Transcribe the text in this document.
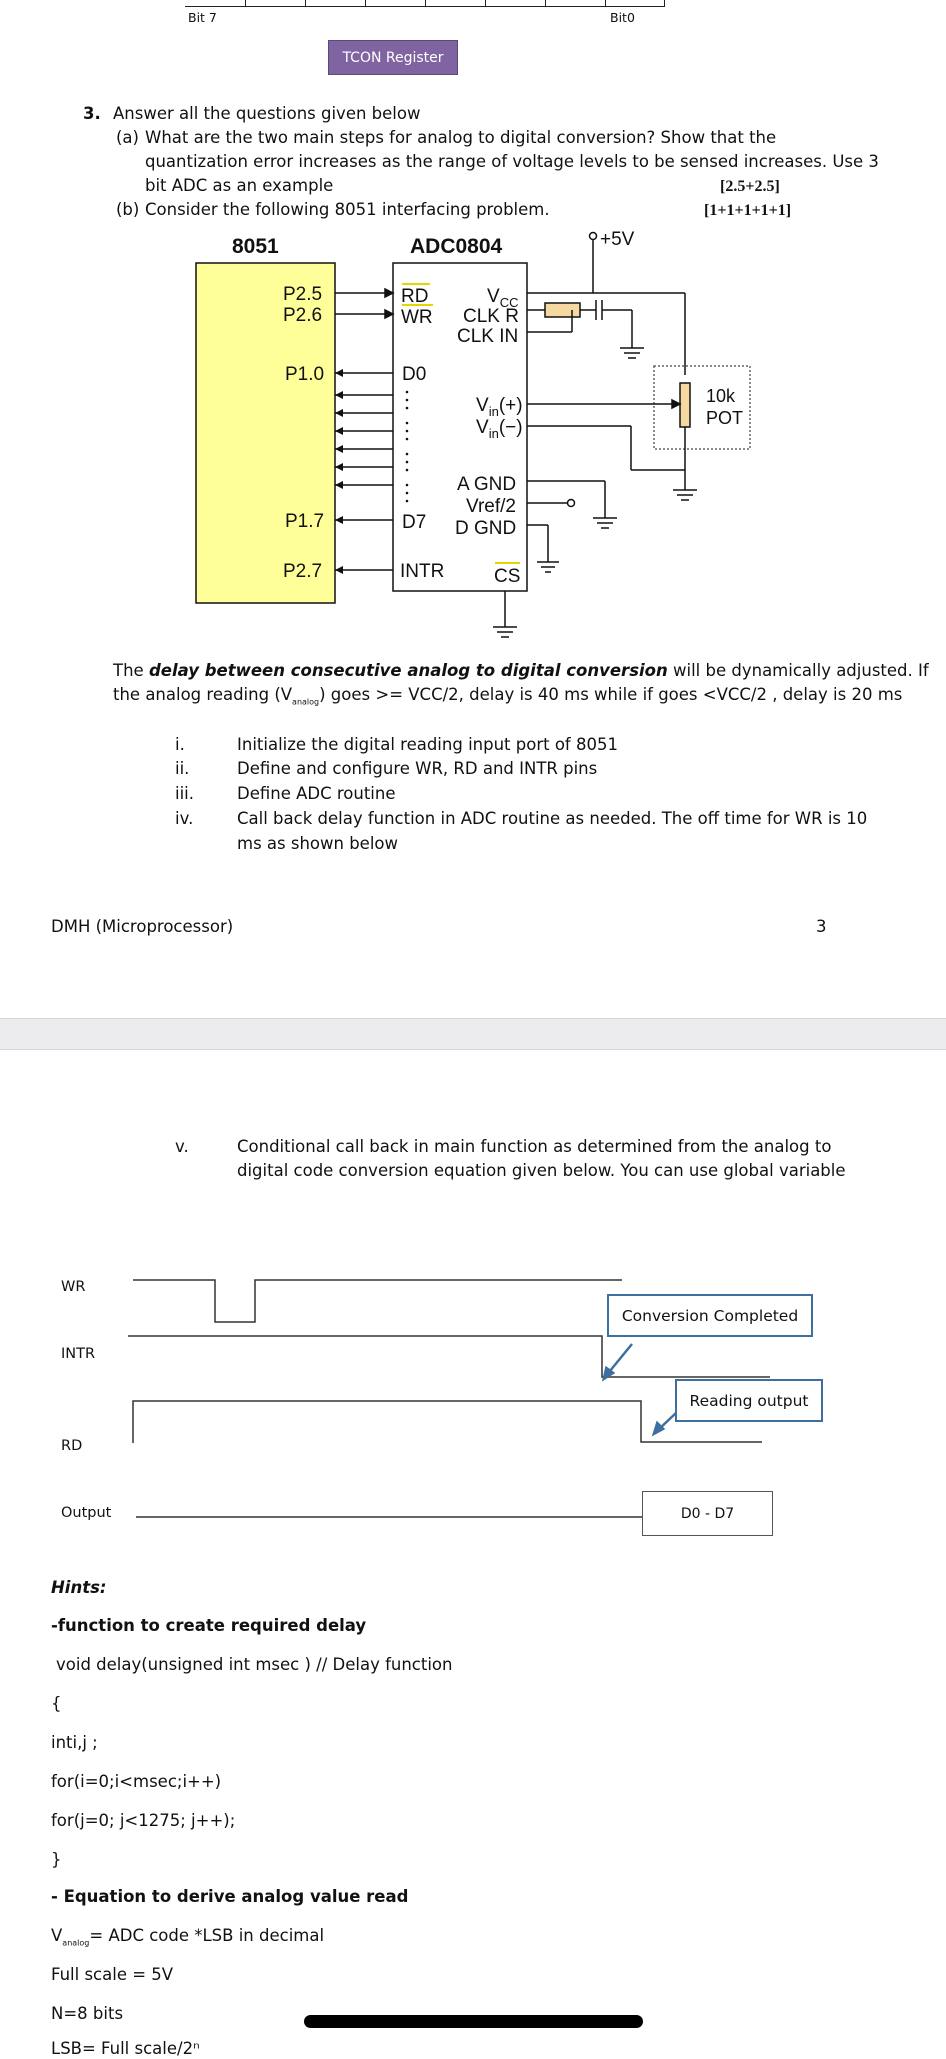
Bit 7	Bit0
TCON Register
3. Answer all the questions given below
(a) What are the two main steps for analog to digital conversion? Show that the
quantization error increases as the range of voltage levels to be sensed increases. Use 3
bit ADC as an example	[2.5+2.5]
(b) Consider the following 8051 interfacing problem.	[1+1+1+1+1]
8051	ADC0804
P2.5
P2.6
P1.0
P1.7
P2.7
RD
WR
D0
D7
INTR
$V_{CC}$
CLK R
CLK IN
$V_{in}(+)$
$V_{in}(-)$
A GND
Vref/2
D GND
CS
+5V
10k
POT
The delay between consecutive analog to digital conversion will be dynamically adjusted. If
the analog reading $(V_{analog})$ goes >= VCC/2, delay is 40 ms while if goes <VCC/2 , delay is 20 ms
i.	Initialize the digital reading input port of 8051
ii.	Define and configure WR, RD and INTR pins
iii.	Define ADC routine
iv.	Call back delay function in ADC routine as needed. The off time for WR is 10
ms as shown below
DMH (Microprocessor)	3
v.	Conditional call back in main function as determined from the analog to
digital code conversion equation given below. You can use global variable
WR
INTR
RD
Output
Conversion Completed
Reading output
D0 - D7
Hints:
-function to create required delay
void delay(unsigned int msec ) // Delay function
{
inti,j ;
for(i=0;i<msec;i++)
for(j=0; j<1275; j++);
}
- Equation to derive analog value read
$V_{analog}=$ ADC code *LSB in decimal
Full scale = 5V
N=8 bits
LSB= Full scale/2ⁿ
